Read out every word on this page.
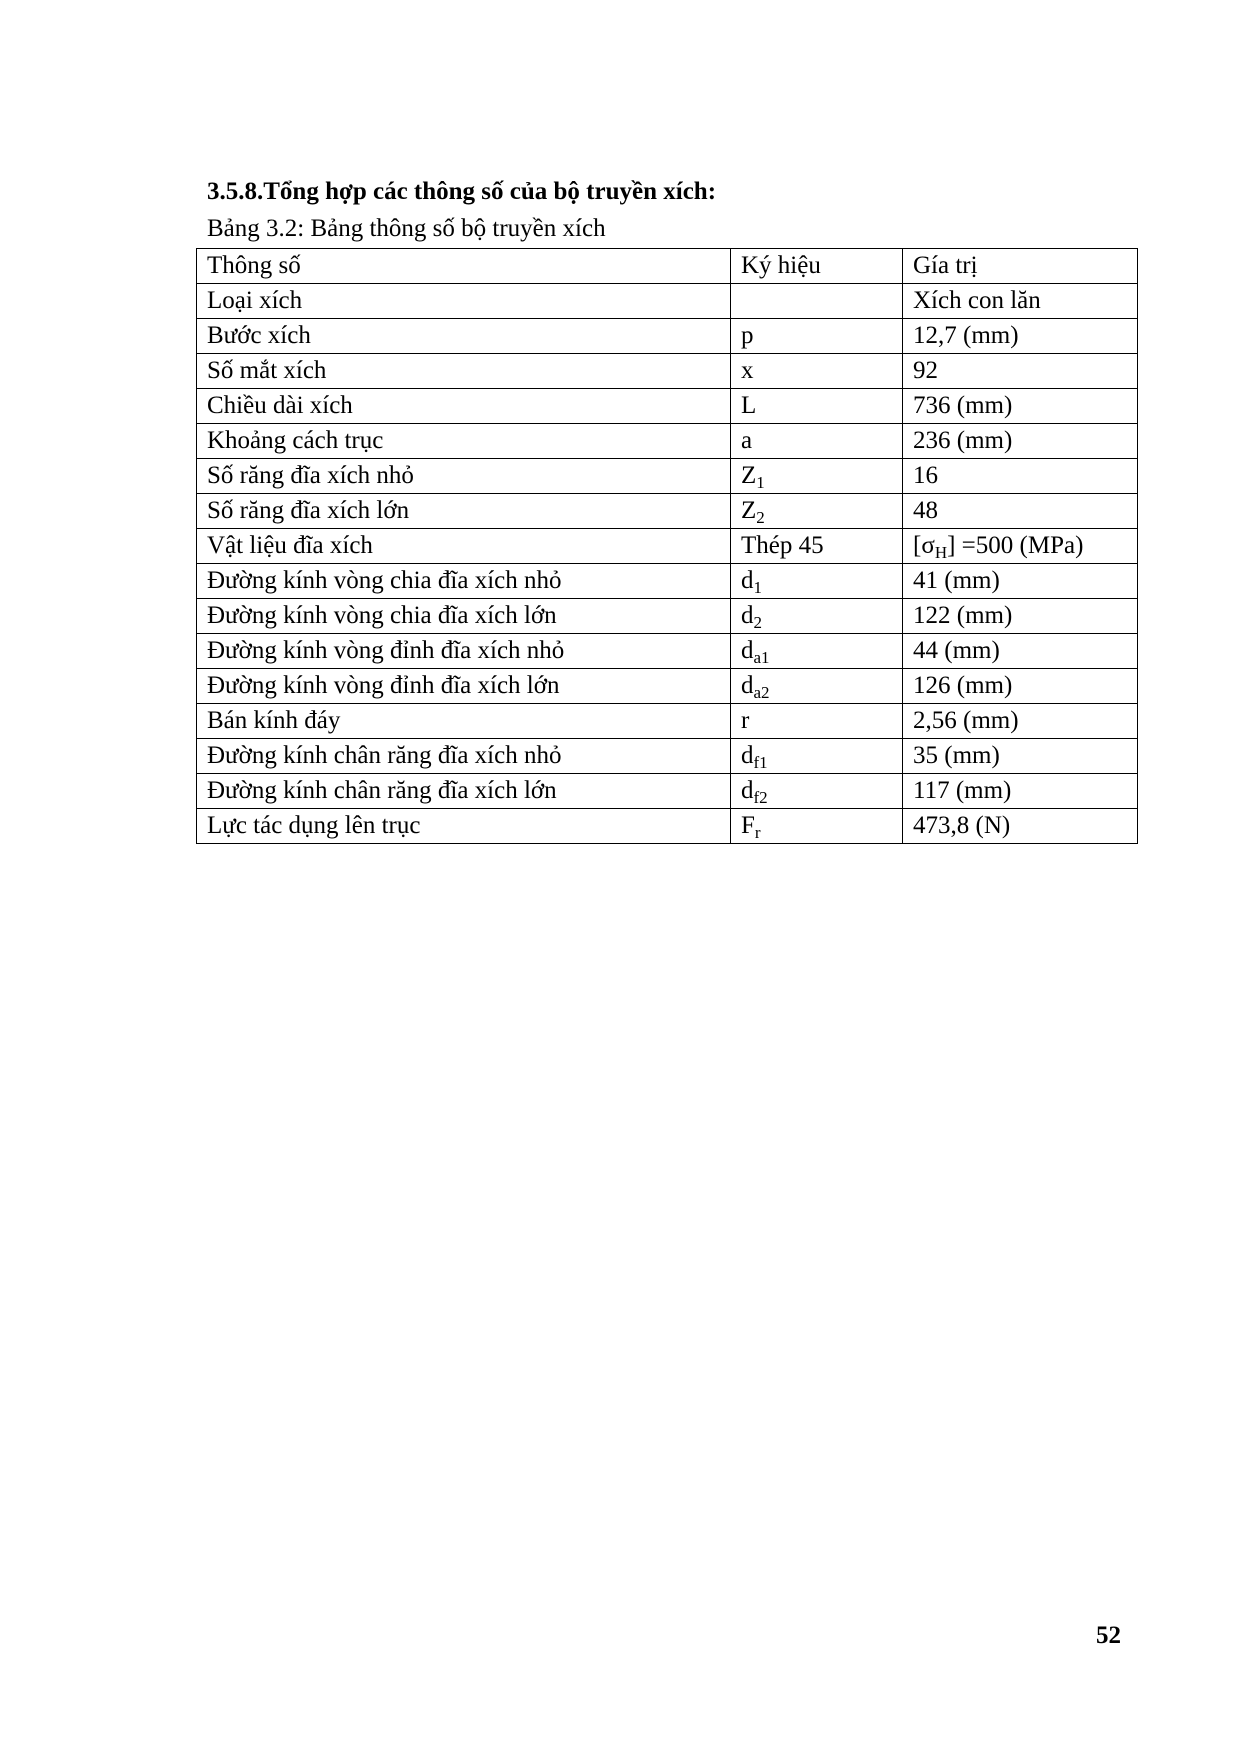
3.5.8.Tổng hợp các thông số của bộ truyền xích:
Bảng 3.2: Bảng thông số bộ truyền xích
Thông số	Ký hiệu	Gía trị
Loại xích		Xích con lăn
Bước xích	p	12,7 (mm)
Số mắt xích	x	92
Chiều dài xích	L	736 (mm)
Khoảng cách trục	a	236 (mm)
Số răng đĩa xích nhỏ	$Z_1$	16
Số răng đĩa xích lớn	$Z_2$	48
Vật liệu đĩa xích	Thép 45	$[\sigma_H] =500$ (MPa)
Đường kính vòng chia đĩa xích nhỏ	$d_1$	41 (mm)
Đường kính vòng chia đĩa xích lớn	$d_2$	122 (mm)
Đường kính vòng đỉnh đĩa xích nhỏ	$d_{a1}$	44 (mm)
Đường kính vòng đỉnh đĩa xích lớn	$d_{a2}$	126 (mm)
Bán kính đáy	r	2,56 (mm)
Đường kính chân răng đĩa xích nhỏ	$d_{f1}$	35 (mm)
Đường kính chân răng đĩa xích lớn	$d_{f2}$	117 (mm)
Lực tác dụng lên trục	$F_r$	473,8 (N)
52
